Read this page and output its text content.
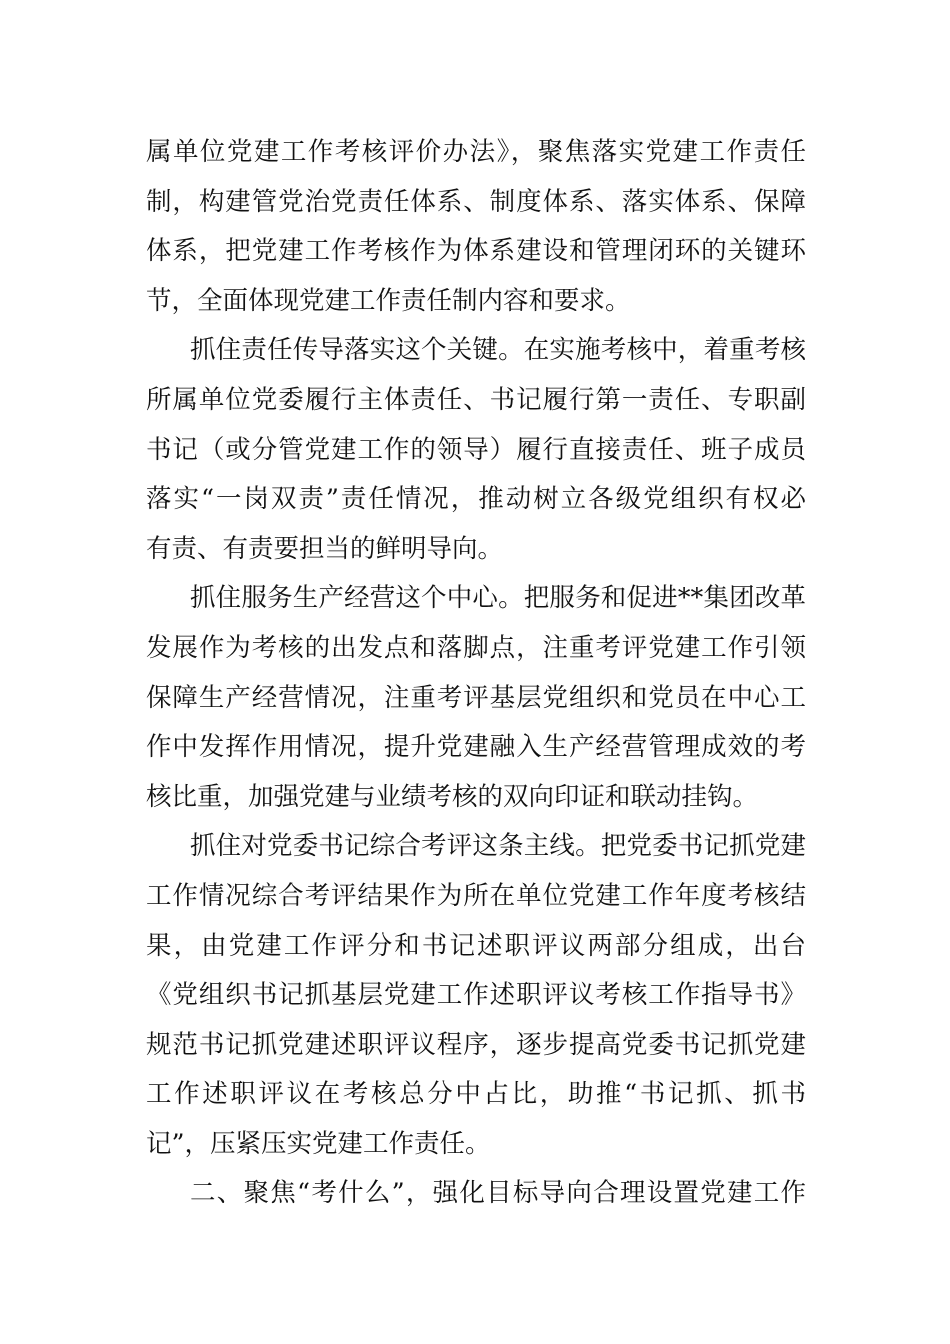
属单位党建工作考核评价办法》，聚焦落实党建工作责任
制，构建管党治党责任体系、制度体系、落实体系、保障
体系，把党建工作考核作为体系建设和管理闭环的关键环
节，全面体现党建工作责任制内容和要求。
抓住责任传导落实这个关键。在实施考核中，着重考核
所属单位党委履行主体责任、书记履行第一责任、专职副
书记（或分管党建工作的领导）履行直接责任、班子成员
落实“一岗双责”责任情况，推动树立各级党组织有权必
有责、有责要担当的鲜明导向。
抓住服务生产经营这个中心。把服务和促进**集团改革
发展作为考核的出发点和落脚点，注重考评党建工作引领
保障生产经营情况，注重考评基层党组织和党员在中心工
作中发挥作用情况，提升党建融入生产经营管理成效的考
核比重，加强党建与业绩考核的双向印证和联动挂钩。
抓住对党委书记综合考评这条主线。把党委书记抓党建
工作情况综合考评结果作为所在单位党建工作年度考核结
果，由党建工作评分和书记述职评议两部分组成，出台
《党组织书记抓基层党建工作述职评议考核工作指导书》
规范书记抓党建述职评议程序，逐步提高党委书记抓党建
工作述职评议在考核总分中占比，助推“书记抓、抓书
记”，压紧压实党建工作责任。
二、聚焦“考什么”，强化目标导向合理设置党建工作
